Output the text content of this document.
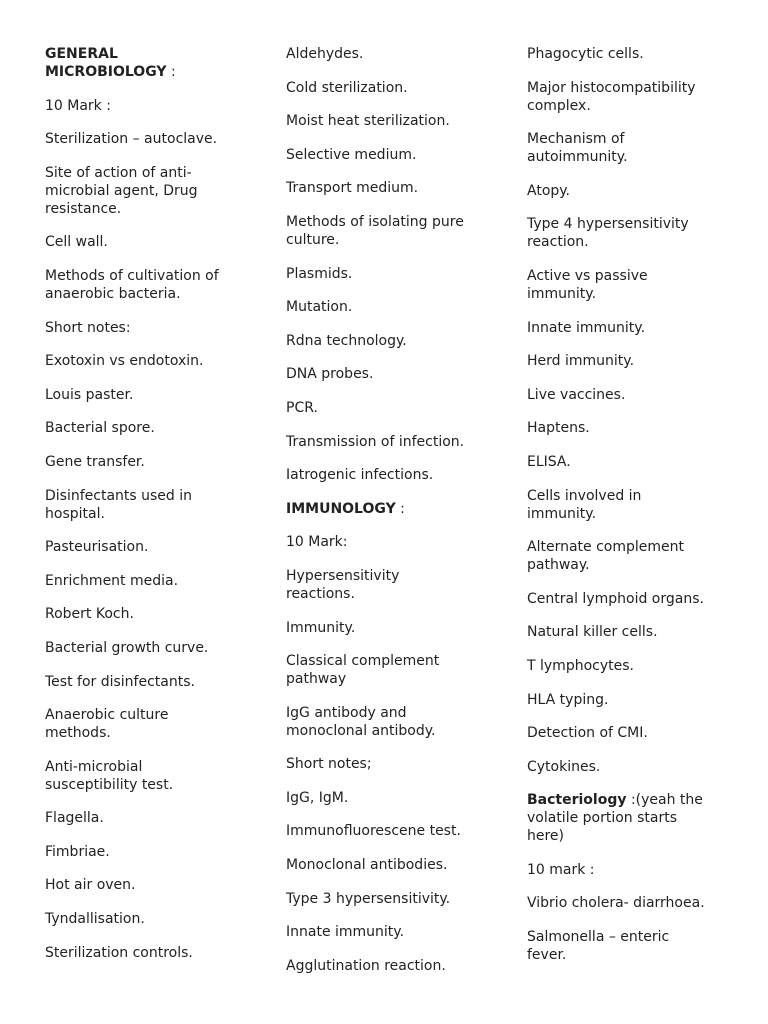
GENERAL
MICROBIOLOGY :

10 Mark :

Sterilization – autoclave.

Site of action of anti-
microbial agent, Drug
resistance.

Cell wall.

Methods of cultivation of
anaerobic bacteria.

Short notes:

Exotoxin vs endotoxin.

Louis paster.

Bacterial spore.

Gene transfer.

Disinfectants used in
hospital.

Pasteurisation.

Enrichment media.

Robert Koch.

Bacterial growth curve.

Test for disinfectants.

Anaerobic culture
methods.

Anti-microbial
susceptibility test.

Flagella.

Fimbriae.

Hot air oven.

Tyndallisation.

Sterilization controls.

Aldehydes.

Cold sterilization.

Moist heat sterilization.

Selective medium.

Transport medium.

Methods of isolating pure
culture.

Plasmids.

Mutation.

Rdna technology.

DNA probes.

PCR.

Transmission of infection.

Iatrogenic infections.

IMMUNOLOGY :

10 Mark:

Hypersensitivity
reactions.

Immunity.

Classical complement
pathway

IgG antibody and
monoclonal antibody.

Short notes;

IgG, IgM.

Immunofluorescene test.

Monoclonal antibodies.

Type 3 hypersensitivity.

Innate immunity.

Agglutination reaction.

Phagocytic cells.

Major histocompatibility
complex.

Mechanism of
autoimmunity.

Atopy.

Type 4 hypersensitivity
reaction.

Active vs passive
immunity.

Innate immunity.

Herd immunity.

Live vaccines.

Haptens.

ELISA.

Cells involved in
immunity.

Alternate complement
pathway.

Central lymphoid organs.

Natural killer cells.

T lymphocytes.

HLA typing.

Detection of CMI.

Cytokines.

Bacteriology :(yeah the
volatile portion starts
here)

10 mark :

Vibrio cholera- diarrhoea.

Salmonella – enteric
fever.
